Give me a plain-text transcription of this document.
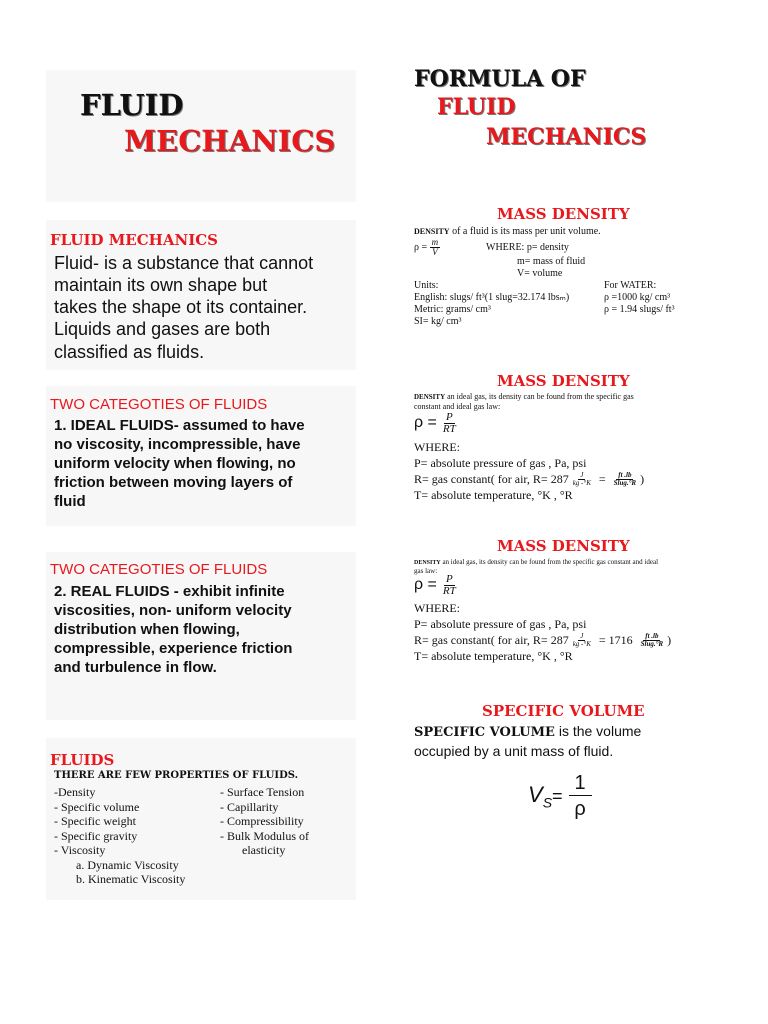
FLUID
MECHANICS
FLUID MECHANICS
Fluid- is a substance that cannot
maintain its own shape but
takes the shape ot its container.
Liquids and gases are both
classified as fluids.
TWO CATEGOTIES OF FLUIDS
1. IDEAL FLUIDS- assumed to have
no viscosity, incompressible, have
uniform velocity when flowing, no
friction between moving layers of
fluid
TWO CATEGOTIES OF FLUIDS
2. REAL FLUIDS - exhibit infinite
viscosities, non- uniform velocity
distribution when flowing,
compressible, experience friction
and turbulence in flow.
FLUIDS
THERE ARE FEW PROPERTIES OF FLUIDS.
-Density
- Specific volume
- Specific weight
- Specific gravity
- Viscosity
a. Dynamic Viscosity
b. Kinematic Viscosity
- Surface Tension
- Capillarity
- Compressibility
- Bulk Modulus of
elasticity
FORMULA OF
FLUID
MECHANICS
MASS DENSITY
DENSITY of a fluid is its mass per unit volume.
$\rho = \frac{m}{V}$	WHERE: p= density
m= mass of fluid
V= volume
Units:
English: slugs/ ft³(1 slug=32.174 lbsₘ)
Metric: grams/ cm³
SI= kg/ cm³
For WATER:
ρ =1000 kg/ cm³
ρ = 1.94 slugs/ ft³
MASS DENSITY
DENSITY an ideal gas, its density can be found from the specific gas
constant and ideal gas law:
$\rho = \frac{P}{RT}$
WHERE:
P= absolute pressure of gas , Pa, psi
R= gas constant( for air, $R= 287 \frac{J}{kg -^\circ K} = \frac{ft .lb}{\text{Slug.°R}}$ )
T= absolute temperature, °K , °R
MASS DENSITY
DENSITY an ideal gas, its density can be found from the specific gas constant and ideal
gas law:
$\rho = \frac{P}{RT}$
WHERE:
P= absolute pressure of gas , Pa, psi
R= gas constant( for air, $R= 287 \frac{J}{kg -^\circ K} = 1716 \frac{ft .lb}{\text{Slug.°R}}$ )
T= absolute temperature, °K , °R
SPECIFIC VOLUME
SPECIFIC VOLUME is the volume
occupied by a unit mass of fluid.
$V_S = \frac{1}{\rho}$
